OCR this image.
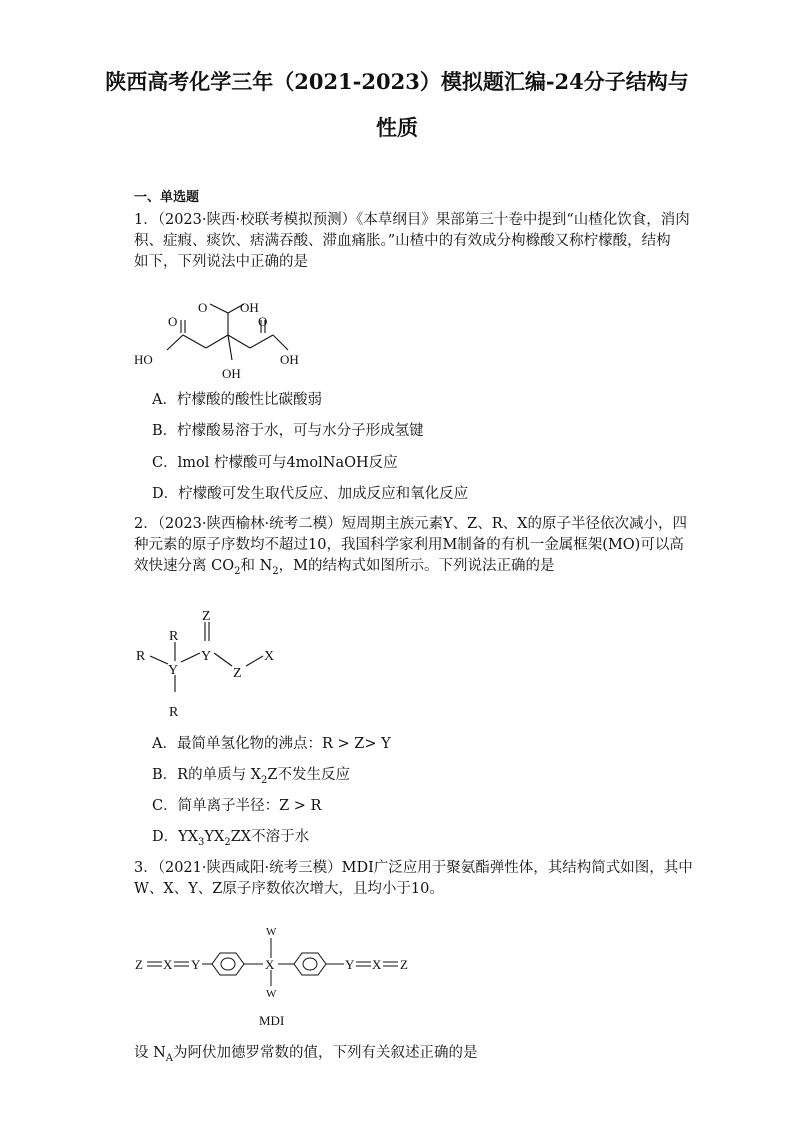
陕西高考化学三年（2021-2023）模拟题汇编-24分子结构与
性质
一、单选题
1．（2023·陕西·校联考模拟预测）《本草纲目》果部第三十卷中提到“山楂化饮食，消肉
积、症瘕、痰饮、痞满吞酸、滞血痛胀。”山楂中的有效成分枸橼酸又称柠檬酸，结构
如下，下列说法中正确的是
O	OH
O	O
HO	OH
OH
A．柠檬酸的酸性比碳酸弱
B．柠檬酸易溶于水，可与水分子形成氢键
C．lmol 柠檬酸可与4molNaOH反应
D．柠檬酸可发生取代反应、加成反应和氧化反应
2．（2023·陕西榆林·统考二模）短周期主族元素Y、Z、R、X的原子半径依次减小，四
种元素的原子序数均不超过10，我国科学家利用M制备的有机一金属框架(MO)可以高
效快速分离 $CO_2$和 $N_2$，M的结构式如图所示。下列说法正确的是
Z
R
R	Y
Y
X
Z
R
A．最简单氢化物的沸点：R > Z> Y
B．R的单质与 $X_2Z$不发生反应
C．简单离子半径：Z > R
D．$YX_3YX_2ZX$不溶于水
3．（2021·陕西咸阳·统考三模）MDI广泛应用于聚氨酯弹性体，其结构简式如图，其中
W、X、Y、Z原子序数依次增大，且均小于10。
Z X Y
W
X
W
Y X Z
MDI
设 $N_A$为阿伏加德罗常数的值，下列有关叙述正确的是
